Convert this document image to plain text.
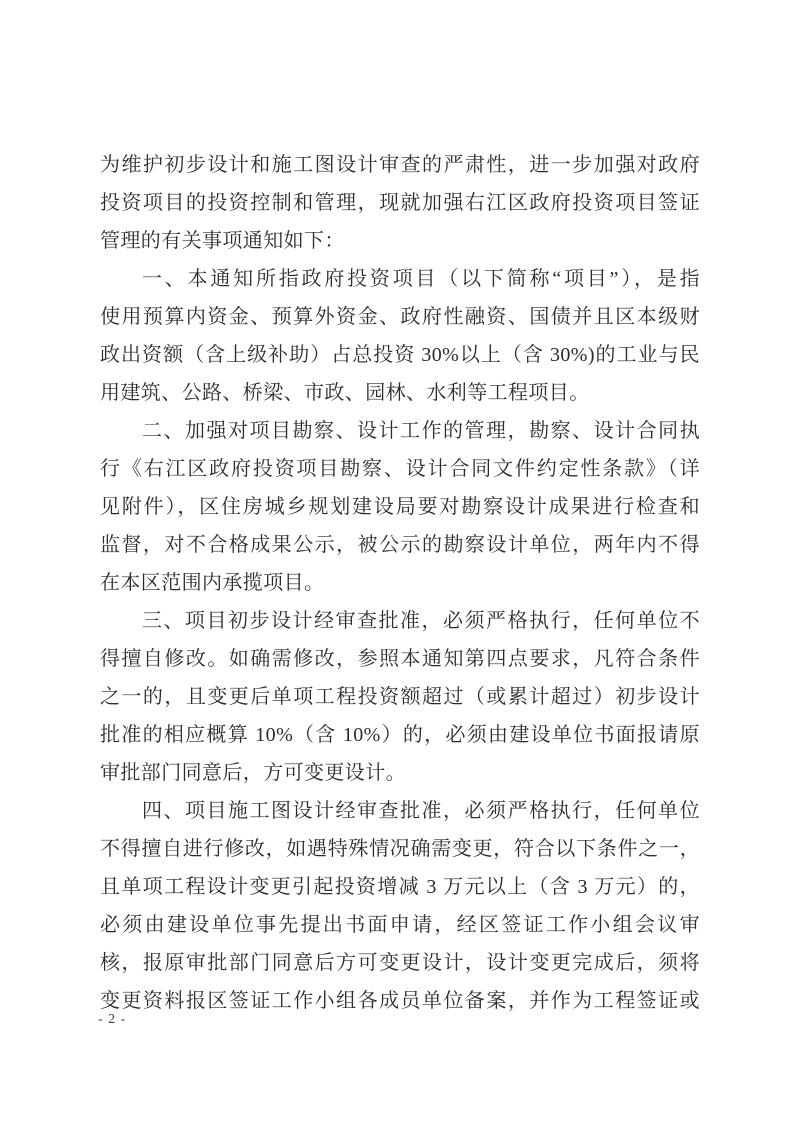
为维护初步设计和施工图设计审查的严肃性，进一步加强对政府
投资项目的投资控制和管理，现就加强右江区政府投资项目签证
管理的有关事项通知如下：
一、本通知所指政府投资项目（以下简称“项目”），是指
使用预算内资金、预算外资金、政府性融资、国债并且区本级财
政出资额（含上级补助）占总投资 30%以上（含 30%)的工业与民
用建筑、公路、桥梁、市政、园林、水利等工程项目。
二、加强对项目勘察、设计工作的管理，勘察、设计合同执
行《右江区政府投资项目勘察、设计合同文件约定性条款》（详
见附件），区住房城乡规划建设局要对勘察设计成果进行检查和
监督，对不合格成果公示，被公示的勘察设计单位，两年内不得
在本区范围内承揽项目。
三、项目初步设计经审查批准，必须严格执行，任何单位不
得擅自修改。如确需修改，参照本通知第四点要求，凡符合条件
之一的，且变更后单项工程投资额超过（或累计超过）初步设计
批准的相应概算 10%（含 10%）的，必须由建设单位书面报请原
审批部门同意后，方可变更设计。
四、项目施工图设计经审查批准，必须严格执行，任何单位
不得擅自进行修改，如遇特殊情况确需变更，符合以下条件之一，
且单项工程设计变更引起投资增减 3 万元以上（含 3 万元）的，
必须由建设单位事先提出书面申请，经区签证工作小组会议审
核，报原审批部门同意后方可变更设计，设计变更完成后，须将
变更资料报区签证工作小组各成员单位备案，并作为工程签证或
- 2 -
